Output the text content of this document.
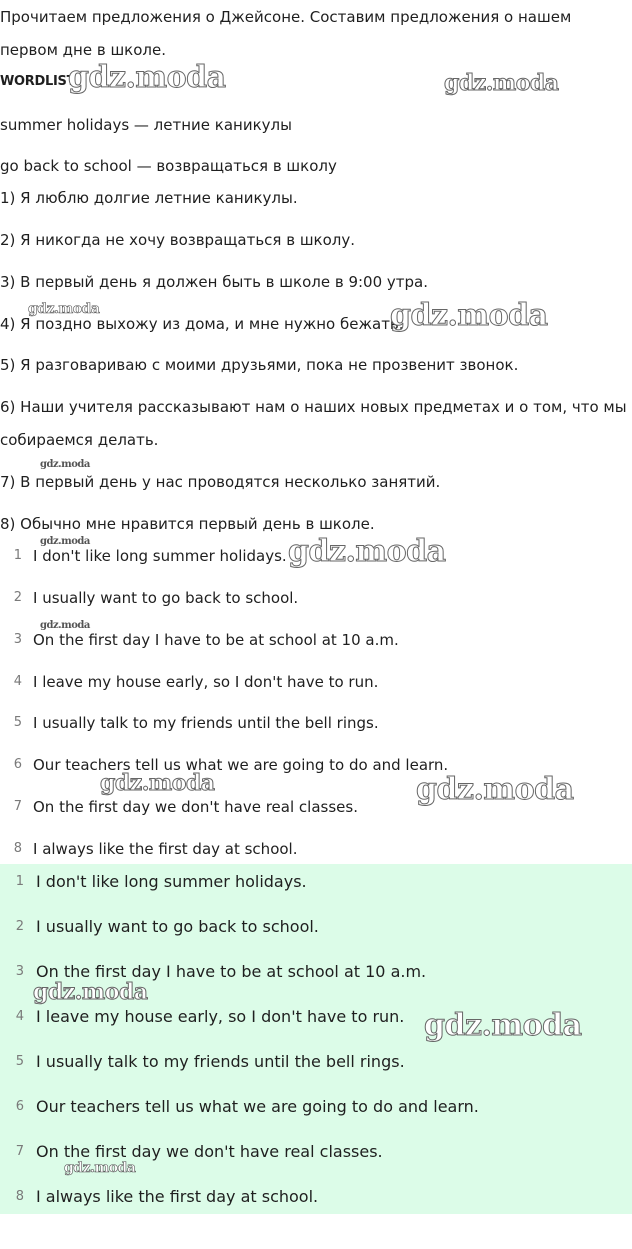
Прочитаем предложения о Джейсоне. Составим предложения о нашем
первом дне в школе.
WORDLIST
summer holidays — летние каникулы
go back to school — возвращаться в школу
1) Я люблю долгие летние каникулы.
2) Я никогда не хочу возвращаться в школу.
3) В первый день я должен быть в школе в 9:00 утра.
4) Я поздно выхожу из дома, и мне нужно бежать.
5) Я разговариваю с моими друзьями, пока не прозвенит звонок.
6) Наши учителя рассказывают нам о наших новых предметах и о том, что мы
собираемся делать.
7) В первый день у нас проводятся несколько занятий.
8) Обычно мне нравится первый день в школе.
1 I don't like long summer holidays.
2 I usually want to go back to school.
3 On the first day I have to be at school at 10 a.m.
4 I leave my house early, so I don't have to run.
5 I usually talk to my friends until the bell rings.
6 Our teachers tell us what we are going to do and learn.
7 On the first day we don't have real classes.
8 I always like the first day at school.
1 I don't like long summer holidays.
2 I usually want to go back to school.
3 On the first day I have to be at school at 10 a.m.
4 I leave my house early, so I don't have to run.
5 I usually talk to my friends until the bell rings.
6 Our teachers tell us what we are going to do and learn.
7 On the first day we don't have real classes.
8 I always like the first day at school.
gdz.moda	gdz.moda
gdz.moda	gdz.moda
gdz.moda
gdz.moda	gdz.moda
gdz.moda
gdz.moda	gdz.moda
gdz.moda
gdz.moda
gdz.moda
